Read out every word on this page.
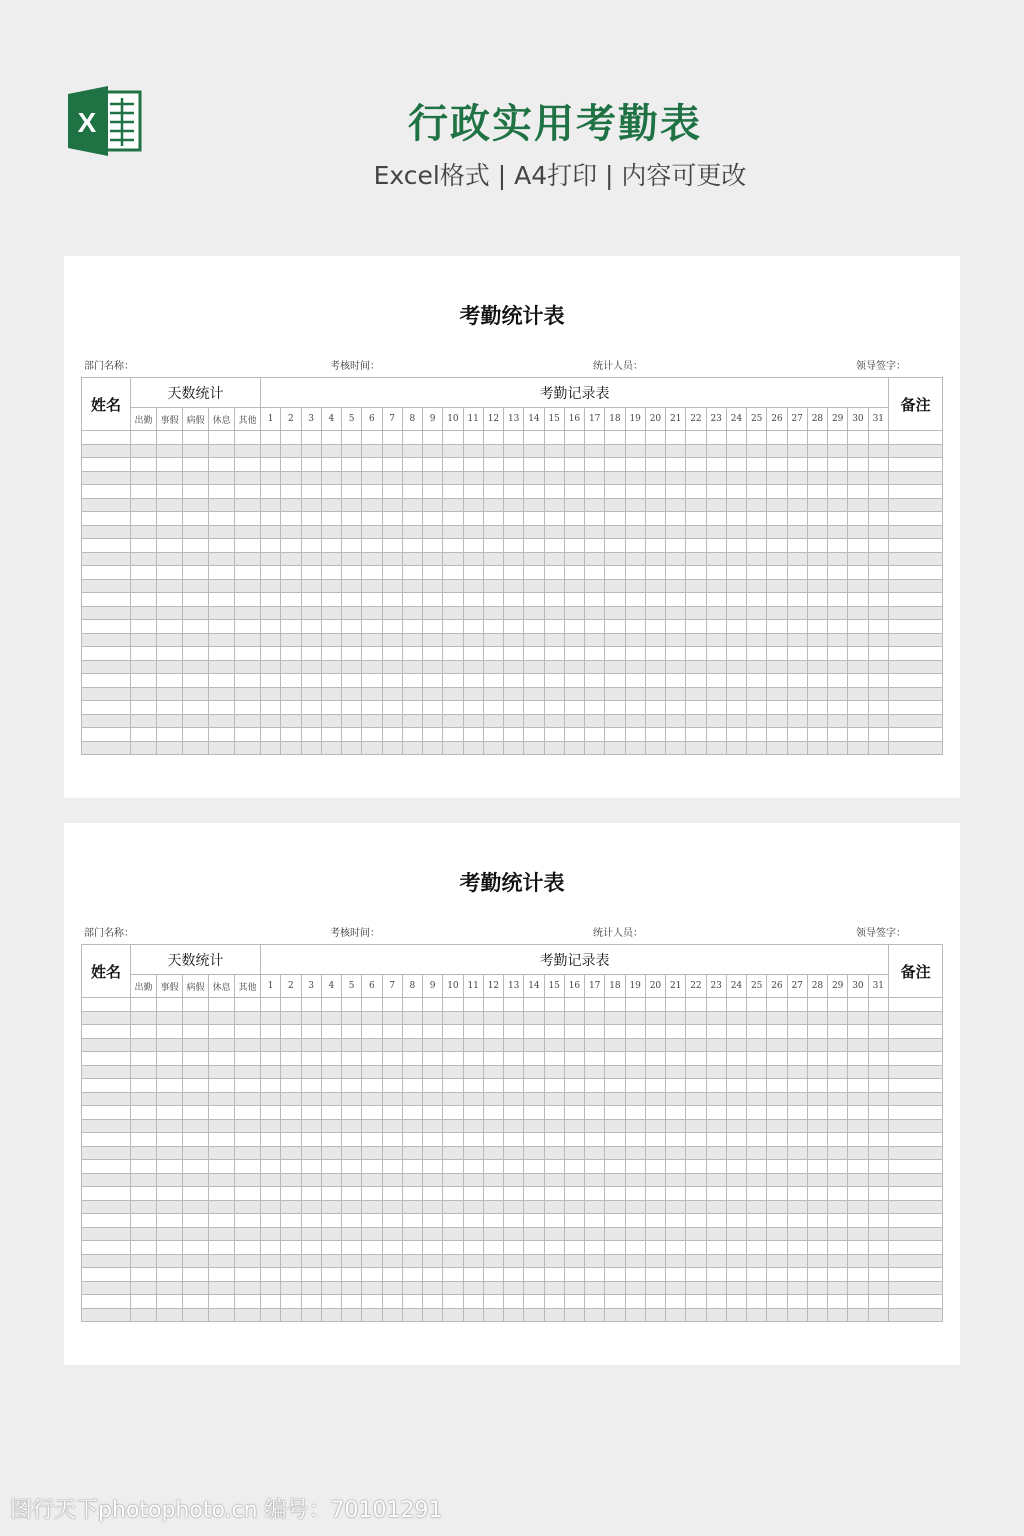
X	行政实用考勤表
Excel格式 | A4打印 | 内容可更改
考勤统计表
部门名称：	考核时间：	统计人员：	领导签字：
姓名	天数统计					考勤记录表																															备注
	出勤	事假	病假	休息	其他	1	2	3	4	5	6	7	8	9	10	11	12	13	14	15	16	17	18	19	20	21	22	23	24	25	26	27	28	29	30	31	

考勤统计表
部门名称：	考核时间：	统计人员：	领导签字：
姓名	天数统计					考勤记录表																															备注
	出勤	事假	病假	休息	其他	1	2	3	4	5	6	7	8	9	10	11	12	13	14	15	16	17	18	19	20	21	22	23	24	25	26	27	28	29	30	31	

图行天下photophoto.cn 编号：70101291
